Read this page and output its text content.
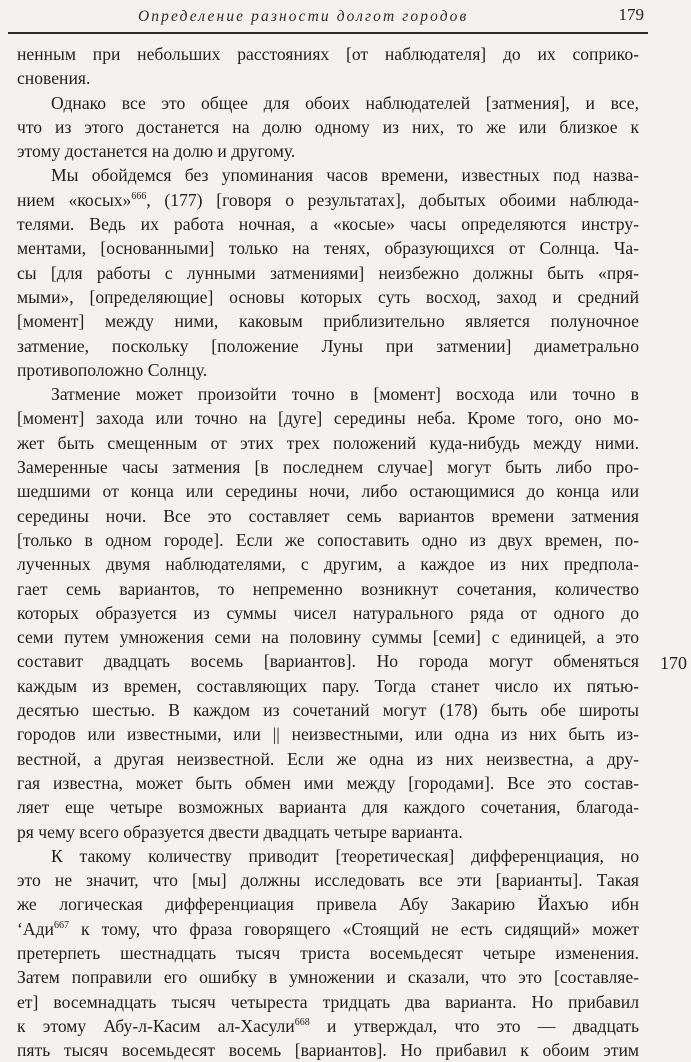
Определение разности долгот городов	179
ненным при небольших расстояниях [от наблюдателя] до их соприко-
сновения.
Однако все это общее для обоих наблюдателей [затмения], и все,
что из этого достанется на долю одному из них, то же или близкое к
этому достанется на долю и другому.
Мы обойдемся без упоминания часов времени, известных под назва-
нием «косых»$^{666}$, (177) [говоря о результатах], добытых обоими наблюда-
телями. Ведь их работа ночная, а «косые» часы определяются инстру-
ментами, [основанными] только на тенях, образующихся от Солнца. Ча-
сы [для работы с лунными затмениями] неизбежно должны быть «пря-
мыми», [определяющие] основы которых суть восход, заход и средний
[момент] между ними, каковым приблизительно является полуночное
затмение, поскольку [положение Луны при затмении] диаметрально
противоположно Солнцу.
Затмение может произойти точно в [момент] восхода или точно в
[момент] захода или точно на [дуге] середины неба. Кроме того, оно мо-
жет быть смещенным от этих трех положений куда-нибудь между ними.
Замеренные часы затмения [в последнем случае] могут быть либо про-
шедшими от конца или середины ночи, либо остающимися до конца или
середины ночи. Все это составляет семь вариантов времени затмения
[только в одном городе]. Если же сопоставить одно из двух времен, по-
лученных двумя наблюдателями, с другим, а каждое из них предпола-
гает семь вариантов, то непременно возникнут сочетания, количество
которых образуется из суммы чисел натурального ряда от одного до
семи путем умножения семи на половину суммы [семи] с единицей, а это
составит двадцать восемь [вариантов]. Но города могут обменяться
каждым из времен, составляющих пару. Тогда станет число их пятью-
десятью шестью. В каждом из сочетаний могут (178) быть обе широты
городов или известными, или || неизвестными, или одна из них быть из-
вестной, а другая неизвестной. Если же одна из них неизвестна, а дру-
гая известна, может быть обмен ими между [городами]. Все это состав-
ляет еще четыре возможных варианта для каждого сочетания, благода-
ря чему всего образуется двести двадцать четыре варианта.
К такому количеству приводит [теоретическая] дифференциация, но
это не значит, что [мы] должны исследовать все эти [варианты]. Такая
же логическая дифференциация привела Абу Закарию Йахъю ибн
‘Ади$^{667}$ к тому, что фраза говорящего «Стоящий не есть сидящий» может
претерпеть шестнадцать тысяч триста восемьдесят четыре изменения.
Затем поправили его ошибку в умножении и сказали, что это [составляе-
ет] восемнадцать тысяч четыреста тридцать два варианта. Но прибавил
к этому Абу-л-Касим ал-Хасули$^{668}$ и утверждал, что это — двадцать
пять тысяч восемьдесят восемь [вариантов]. Но прибавил к обоим этим
170
